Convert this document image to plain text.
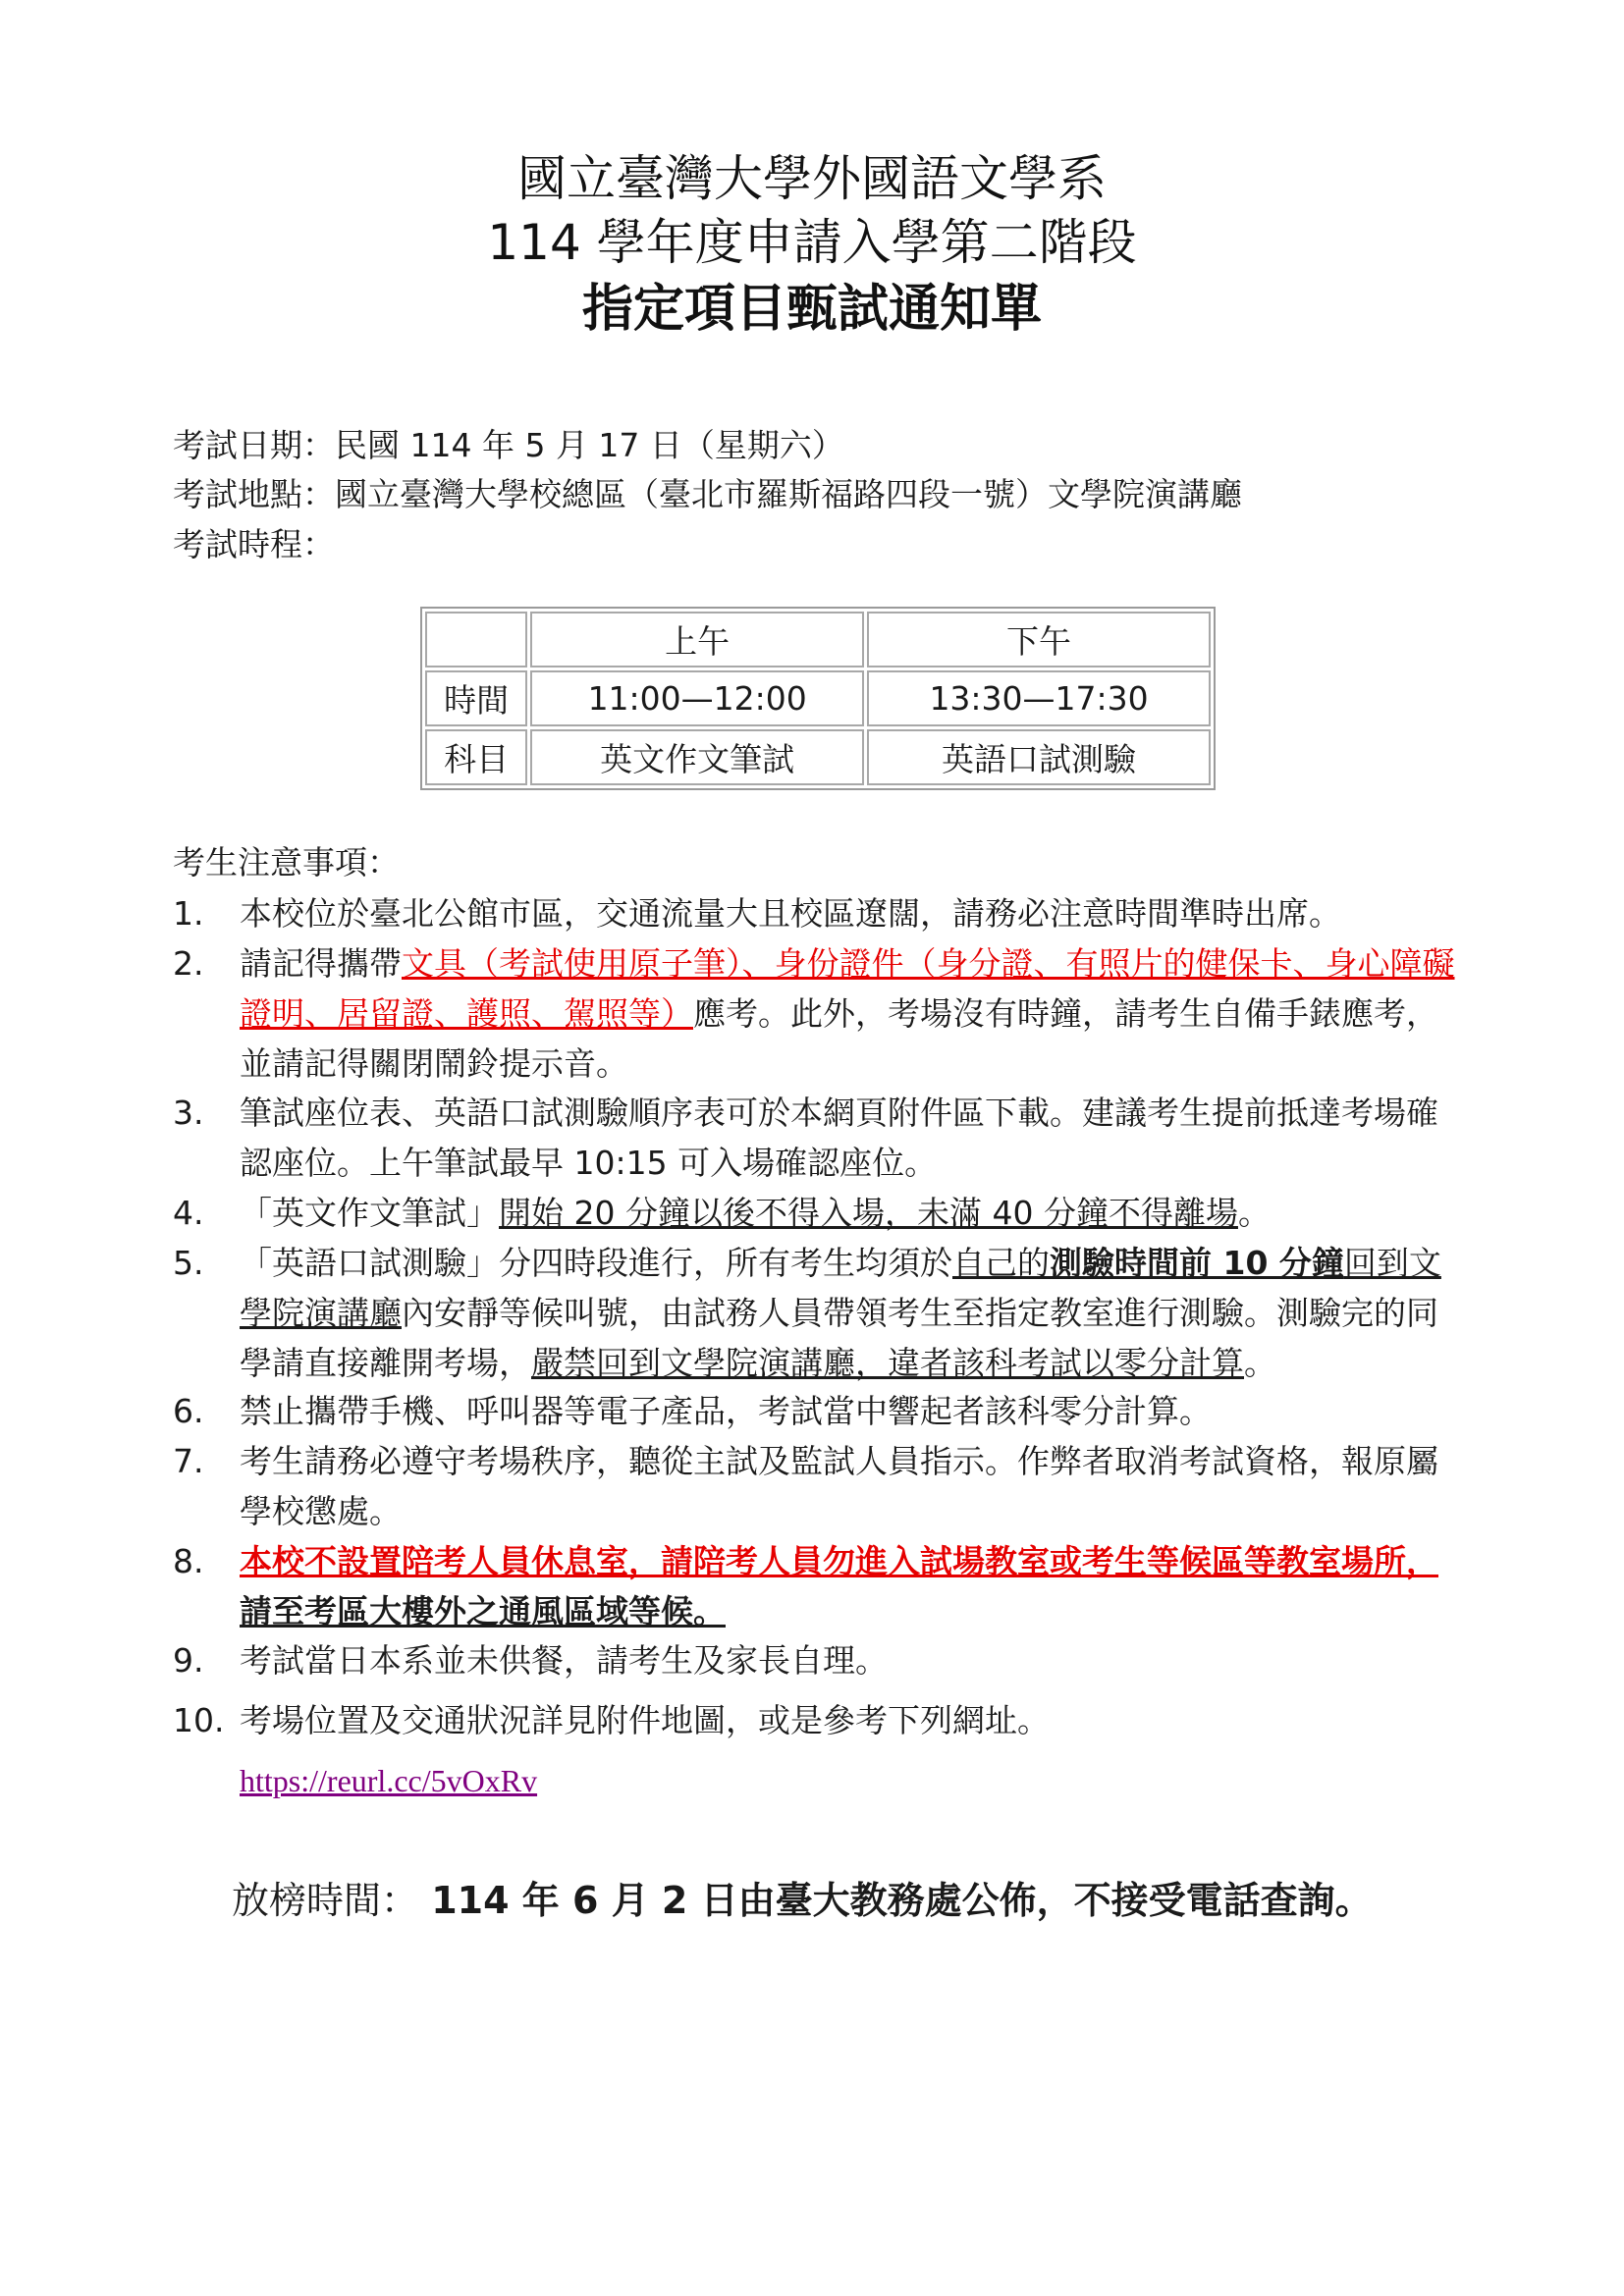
國立臺灣大學外國語文學系
114 學年度申請入學第二階段
指定項目甄試通知單
考試日期：民國 114 年 5 月 17 日（星期六）
考試地點：國立臺灣大學校總區（臺北市羅斯福路四段一號）文學院演講廳
考試時程：
	上午	下午
時間	11:00—12:00	13:30—17:30
科目	英文作文筆試	英語口試測驗
考生注意事項：
1.	本校位於臺北公館市區，交通流量大且校區遼闊，請務必注意時間準時出席。
2.	請記得攜帶文具（考試使用原子筆）、身份證件（身分證、有照片的健保卡、身心障礙證明、居留證、護照、駕照等）應考。此外，考場沒有時鐘，請考生自備手錶應考，並請記得關閉鬧鈴提示音。
3.	筆試座位表、英語口試測驗順序表可於本網頁附件區下載。建議考生提前抵達考場確認座位。上午筆試最早 10:15 可入場確認座位。
4.	「英文作文筆試」開始 20 分鐘以後不得入場，未滿 40 分鐘不得離場。
5.	「英語口試測驗」分四時段進行，所有考生均須於自己的測驗時間前 10 分鐘回到文學院演講廳內安靜等候叫號，由試務人員帶領考生至指定教室進行測驗。測驗完的同學請直接離開考場，嚴禁回到文學院演講廳，違者該科考試以零分計算。
6.	禁止攜帶手機、呼叫器等電子產品，考試當中響起者該科零分計算。
7.	考生請務必遵守考場秩序，聽從主試及監試人員指示。作弊者取消考試資格，報原屬學校懲處。
8.	本校不設置陪考人員休息室，請陪考人員勿進入試場教室或考生等候區等教室場所，請至考區大樓外之通風區域等候。
9.	考試當日本系並未供餐，請考生及家長自理。
10. 考場位置及交通狀況詳見附件地圖，或是參考下列網址。
https://reurl.cc/5vOxRv
放榜時間： 114 年 6 月 2 日由臺大教務處公佈，不接受電話查詢。
